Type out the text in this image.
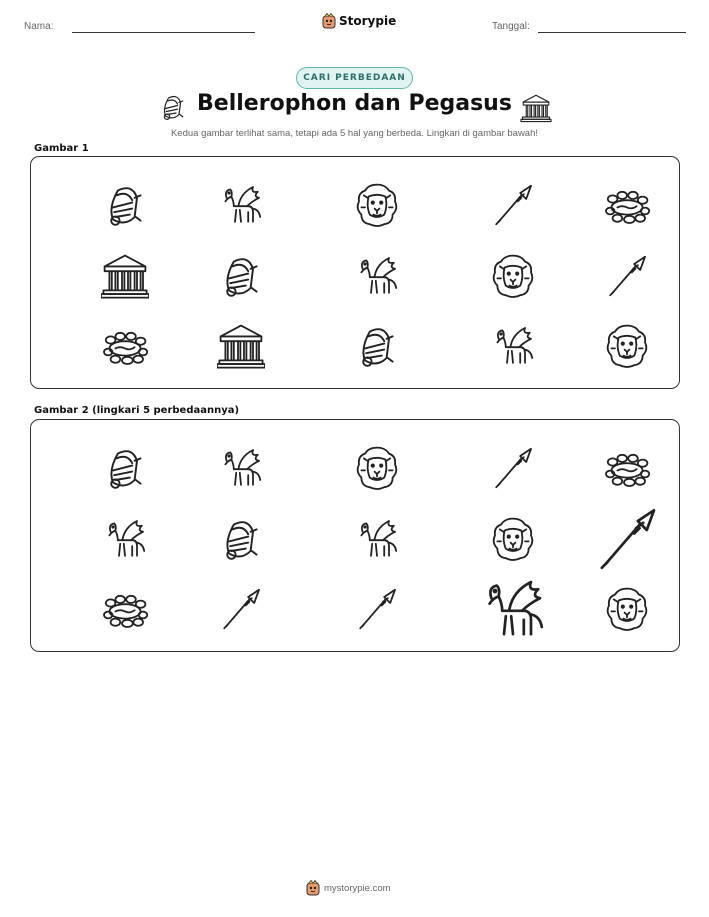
Nama:	Storypie	Tanggal:
CARI PERBEDAAN
Bellerophon dan Pegasus
Kedua gambar terlihat sama, tetapi ada 5 hal yang berbeda. Lingkari di gambar bawah!
Gambar 1
Gambar 2 (lingkari 5 perbedaannya)
mystorypie.com
